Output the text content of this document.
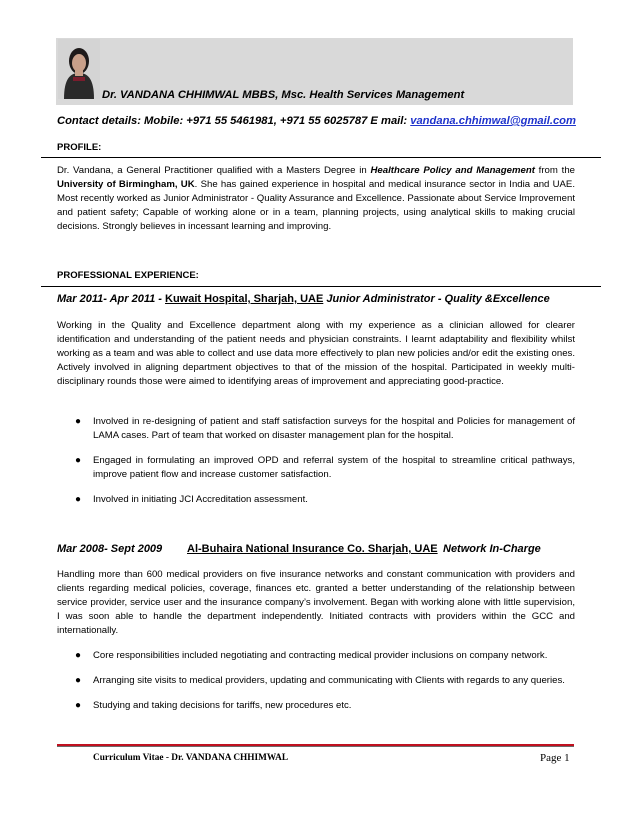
Dr. VANDANA CHHIMWAL MBBS, Msc. Health Services Management
Contact details: Mobile: +971 55 5461981, +971 55 6025787 E mail: vandana.chhimwal@gmail.com
PROFILE:
Dr. Vandana, a General Practitioner qualified with a Masters Degree in Healthcare Policy and Management from the University of Birmingham, UK. She has gained experience in hospital and medical insurance sector in India and UAE. Most recently worked as Junior Administrator - Quality Assurance and Excellence. Passionate about Service Improvement and patient safety; Capable of working alone or in a team, planning projects, using analytical skills to making crucial decisions. Strongly believes in incessant learning and improving.
PROFESSIONAL EXPERIENCE:
Mar 2011- Apr 2011 - Kuwait Hospital, Sharjah, UAE Junior Administrator - Quality &Excellence
Working in the Quality and Excellence department along with my experience as a clinician allowed for clearer identification and understanding of the patient needs and physician constraints. I learnt adaptability and flexibility whilst working as a team and was able to collect and use data more effectively to plan new policies and/or edit the existing ones. Actively involved in aligning department objectives to that of the mission of the hospital. Participated in weekly multi-disciplinary rounds those were aimed to identifying areas of improvement and appreciating good-practice.
● Involved in re-designing of patient and staff satisfaction surveys for the hospital and Policies for management of LAMA cases. Part of team that worked on disaster management plan for the hospital.
● Engaged in formulating an improved OPD and referral system of the hospital to streamline critical pathways, improve patient flow and increase customer satisfaction.
● Involved in initiating JCI Accreditation assessment.
Mar 2008- Sept 2009 Al-Buhaira National Insurance Co. Sharjah, UAE Network In-Charge
Handling more than 600 medical providers on five insurance networks and constant communication with providers and clients regarding medical policies, coverage, finances etc. granted a better understanding of the relationship between service provider, service user and the insurance company’s involvement. Began with working alone with little supervision, I was soon able to handle the department independently. Initiated contracts with providers within the GCC and internationally.
● Core responsibilities included negotiating and contracting medical provider inclusions on company network.
● Arranging site visits to medical providers, updating and communicating with Clients with regards to any queries.
● Studying and taking decisions for tariffs, new procedures etc.
Curriculum Vitae - Dr. VANDANA CHHIMWAL	Page 1
